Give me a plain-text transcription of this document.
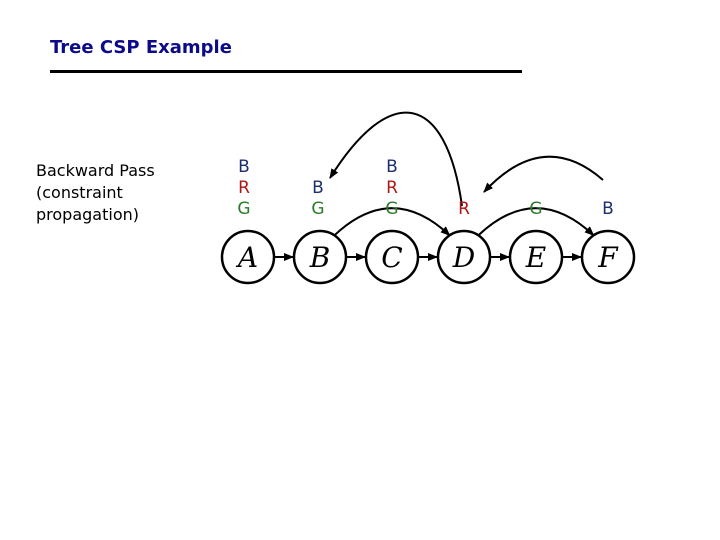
Tree CSP Example
Backward Pass
(constraint
propagation)
A B C D E F
B
R
G
B
G
B
R
G	R	G	B
